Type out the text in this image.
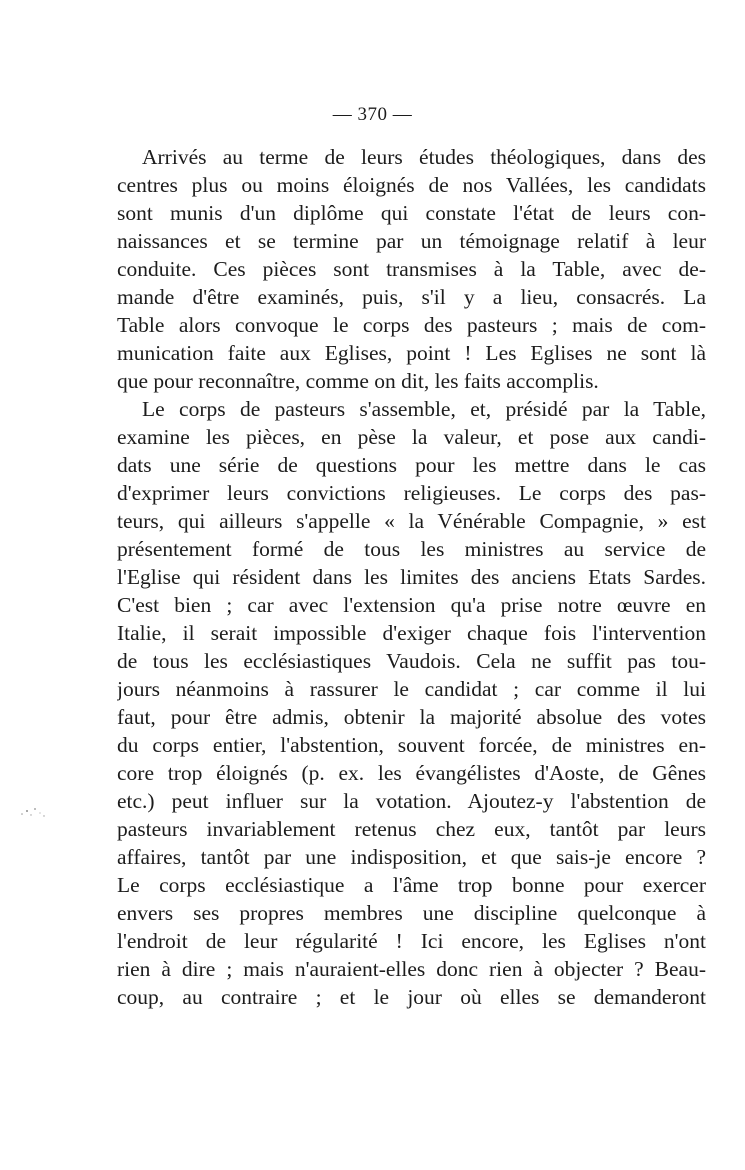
— 370 —
Arrivés au terme de leurs études théologiques, dans des
centres plus ou moins éloignés de nos Vallées, les candidats
sont munis d'un diplôme qui constate l'état de leurs con-
naissances et se termine par un témoignage relatif à leur
conduite. Ces pièces sont transmises à la Table, avec de-
mande d'être examinés, puis, s'il y a lieu, consacrés. La
Table alors convoque le corps des pasteurs ; mais de com-
munication faite aux Eglises, point ! Les Eglises ne sont là
que pour reconnaître, comme on dit, les faits accomplis.
Le corps de pasteurs s'assemble, et, présidé par la Table,
examine les pièces, en pèse la valeur, et pose aux candi-
dats une série de questions pour les mettre dans le cas
d'exprimer leurs convictions religieuses. Le corps des pas-
teurs, qui ailleurs s'appelle « la Vénérable Compagnie, » est
présentement formé de tous les ministres au service de
l'Eglise qui résident dans les limites des anciens Etats Sardes.
C'est bien ; car avec l'extension qu'a prise notre œuvre en
Italie, il serait impossible d'exiger chaque fois l'intervention
de tous les ecclésiastiques Vaudois. Cela ne suffit pas tou-
jours néanmoins à rassurer le candidat ; car comme il lui
faut, pour être admis, obtenir la majorité absolue des votes
du corps entier, l'abstention, souvent forcée, de ministres en-
core trop éloignés (p. ex. les évangélistes d'Aoste, de Gênes
etc.) peut influer sur la votation. Ajoutez-y l'abstention de
pasteurs invariablement retenus chez eux, tantôt par leurs
affaires, tantôt par une indisposition, et que sais-je encore ?
Le corps ecclésiastique a l'âme trop bonne pour exercer
envers ses propres membres une discipline quelconque à
l'endroit de leur régularité ! Ici encore, les Eglises n'ont
rien à dire ; mais n'auraient-elles donc rien à objecter ? Beau-
coup, au contraire ; et le jour où elles se demanderont
